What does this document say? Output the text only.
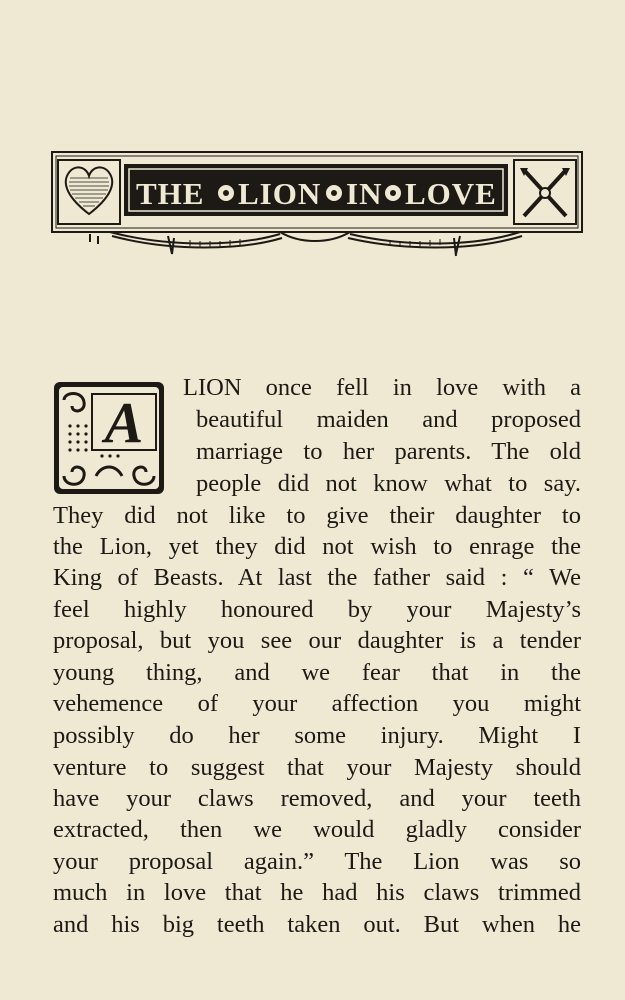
THE LION IN LOVE
A
LION once fell in love with a
beautiful maiden and proposed
marriage to her parents. The old
people did not know what to say.
They did not like to give their daughter to
the Lion, yet they did not wish to enrage the
King of Beasts. At last the father said : “ We
feel highly honoured by your Majesty’s
proposal, but you see our daughter is a tender
young thing, and we fear that in the
vehemence of your affection you might
possibly do her some injury. Might I
venture to suggest that your Majesty should
have your claws removed, and your teeth
extracted, then we would gladly consider
your proposal again.” The Lion was so
much in love that he had his claws trimmed
and his big teeth taken out. But when he
